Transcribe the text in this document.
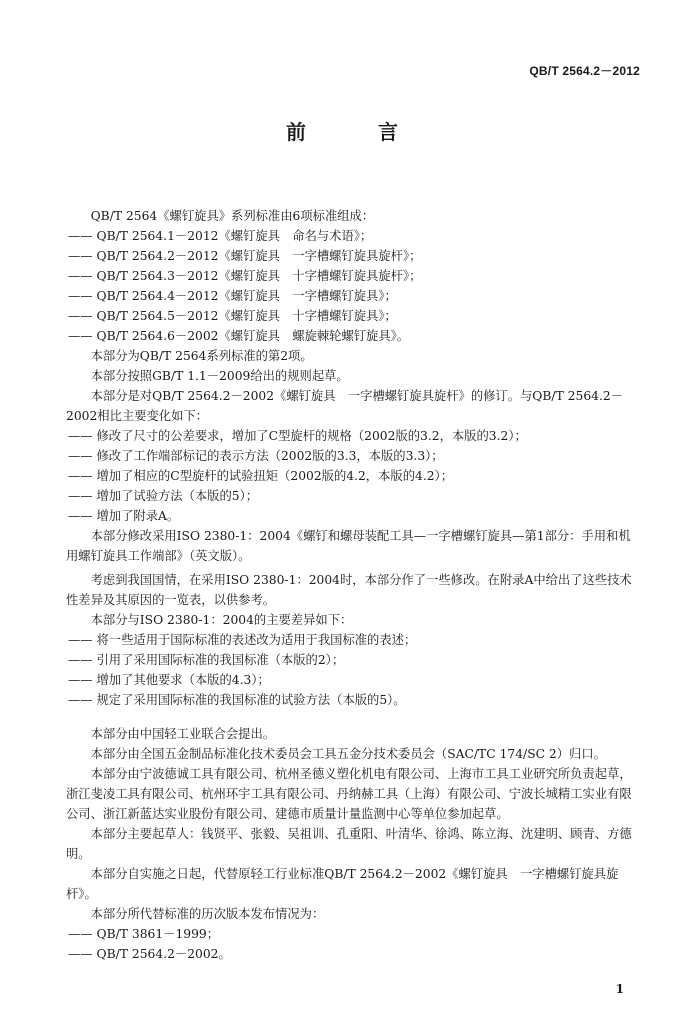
QB/T 2564.2－2012
前　言

QB/T 2564《螺钉旋具》系列标准由6项标准组成：

—— QB/T 2564.1－2012《螺钉旋具　命名与术语》；

—— QB/T 2564.2－2012《螺钉旋具　一字槽螺钉旋具旋杆》；

—— QB/T 2564.3－2012《螺钉旋具　十字槽螺钉旋具旋杆》；

—— QB/T 2564.4－2012《螺钉旋具　一字槽螺钉旋具》；

—— QB/T 2564.5－2012《螺钉旋具　十字槽螺钉旋具》；

—— QB/T 2564.6－2002《螺钉旋具　螺旋棘轮螺钉旋具》。

本部分为QB/T 2564系列标准的第2项。

本部分按照GB/T 1.1－2009给出的规则起草。

本部分是对QB/T 2564.2－2002《螺钉旋具　一字槽螺钉旋具旋杆》的修订。与QB/T 2564.2－2002相比主要变化如下：

—— 修改了尺寸的公差要求，增加了C型旋杆的规格（2002版的3.2，本版的3.2）；

—— 修改了工作端部标记的表示方法（2002版的3.3，本版的3.3）；

—— 增加了相应的C型旋杆的试验扭矩（2002版的4.2，本版的4.2）；

—— 增加了试验方法（本版的5）；

—— 增加了附录A。

本部分修改采用ISO 2380-1：2004《螺钉和螺母装配工具—一字槽螺钉旋具—第1部分：手用和机用螺钉旋具工作端部》（英文版）。

考虑到我国国情，在采用ISO 2380-1：2004时，本部分作了一些修改。在附录A中给出了这些技术性差异及其原因的一览表，以供参考。

本部分与ISO 2380-1：2004的主要差异如下：

—— 将一些适用于国际标准的表述改为适用于我国标准的表述；

—— 引用了采用国际标准的我国标准（本版的2）；

—— 增加了其他要求（本版的4.3）；

—— 规定了采用国际标准的我国标准的试验方法（本版的5）。

本部分由中国轻工业联合会提出。

本部分由全国五金制品标准化技术委员会工具五金分技术委员会（SAC/TC 174/SC 2）归口。

本部分由宁波德诚工具有限公司、杭州圣德义塑化机电有限公司、上海市工具工业研究所负责起草，浙江斐凌工具有限公司、杭州环宇工具有限公司、丹纳赫工具（上海）有限公司、宁波长城精工实业有限公司、浙江新蓝达实业股份有限公司、建德市质量计量监测中心等单位参加起草。

本部分主要起草人：钱贤平、张毅、吴祖训、孔重阳、叶清华、徐鸿、陈立海、沈建明、顾青、方德明。

本部分自实施之日起，代替原轻工行业标准QB/T 2564.2－2002《螺钉旋具　一字槽螺钉旋具旋杆》。

本部分所代替标准的历次版本发布情况为：

—— QB/T 3861－1999；

—— QB/T 2564.2－2002。

1
